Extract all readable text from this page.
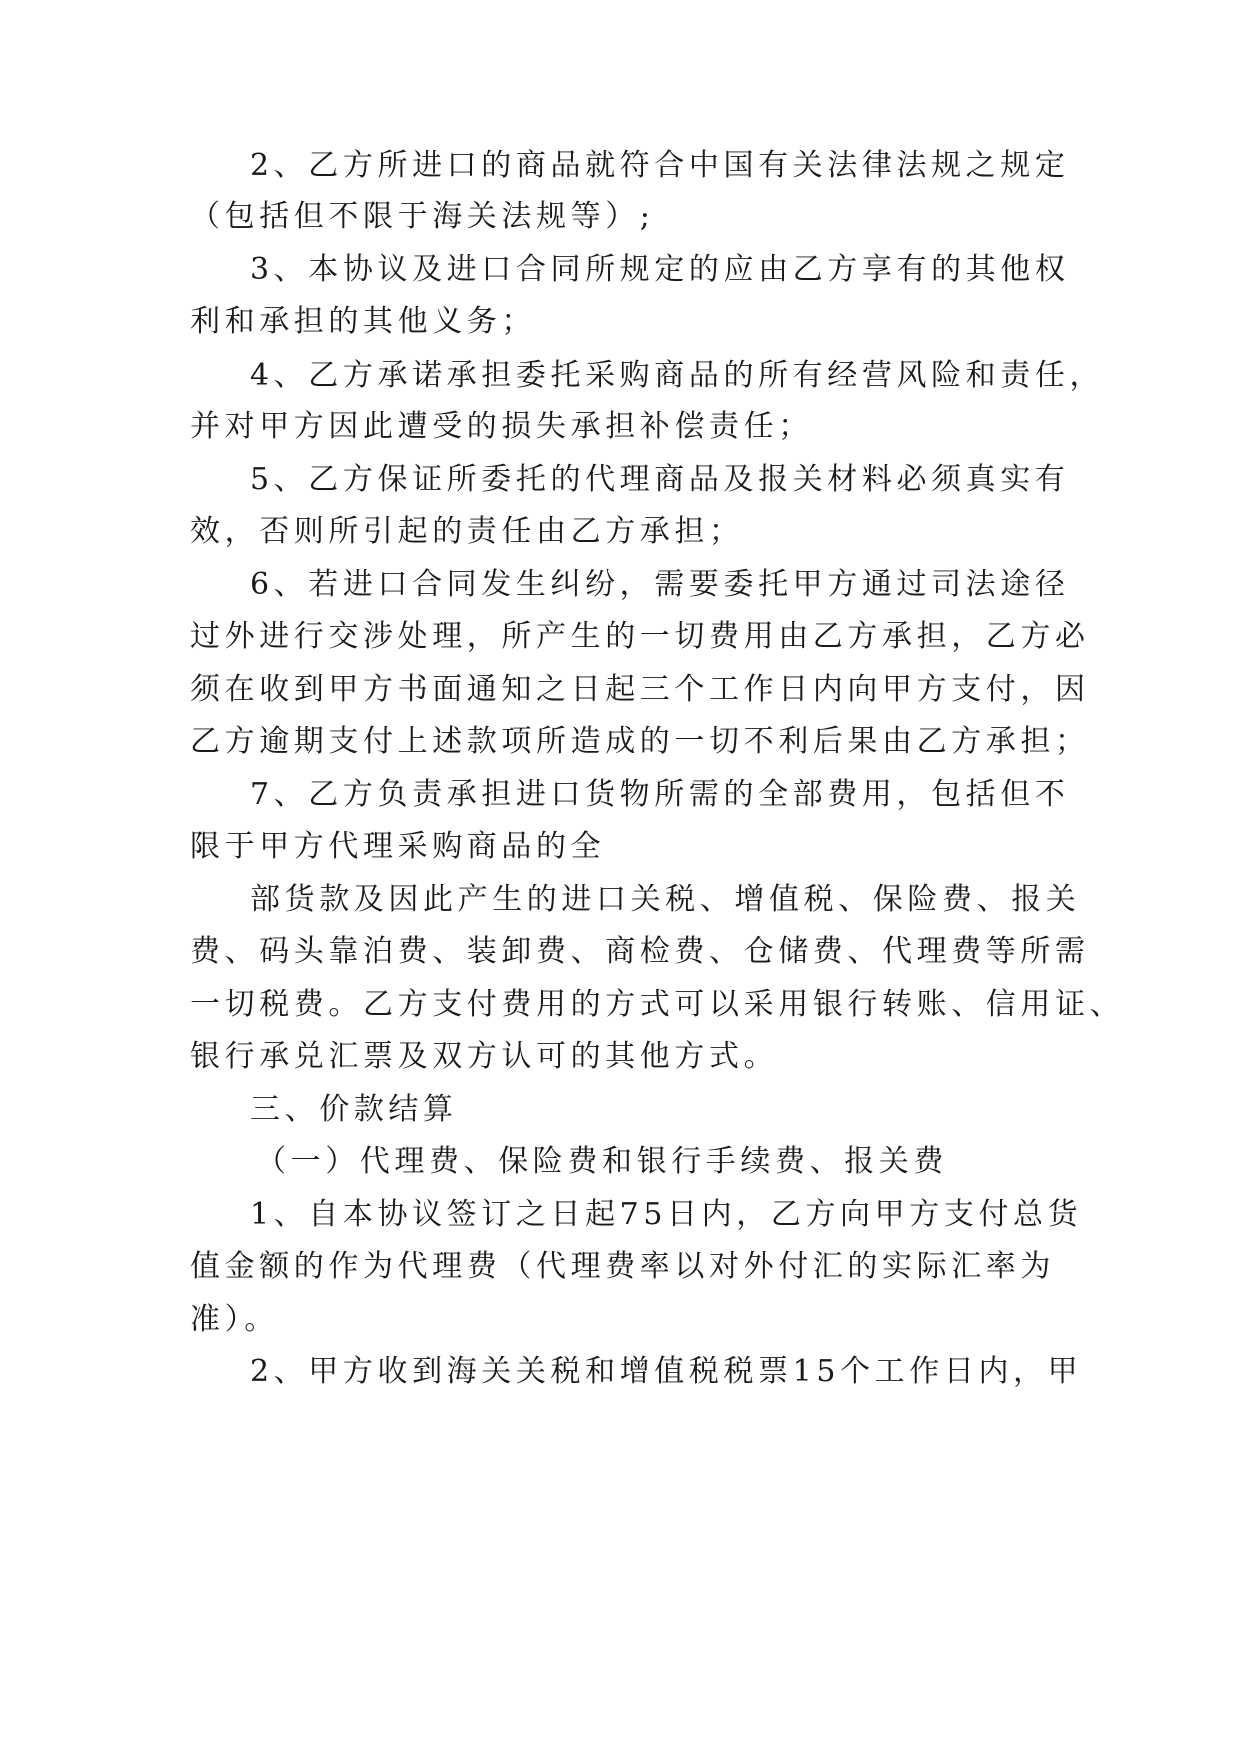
2、乙方所进口的商品就符合中国有关法律法规之规定
（包括但不限于海关法规等）;
3、本协议及进口合同所规定的应由乙方享有的其他权
利和承担的其他义务；
4、乙方承诺承担委托采购商品的所有经营风险和责任，
并对甲方因此遭受的损失承担补偿责任；
5、乙方保证所委托的代理商品及报关材料必须真实有
效，否则所引起的责任由乙方承担；
6、若进口合同发生纠纷，需要委托甲方通过司法途径
过外进行交涉处理，所产生的一切费用由乙方承担，乙方必
须在收到甲方书面通知之日起三个工作日内向甲方支付，因
乙方逾期支付上述款项所造成的一切不利后果由乙方承担；
7、乙方负责承担进口货物所需的全部费用，包括但不
限于甲方代理采购商品的全
部货款及因此产生的进口关税、增值税、保险费、报关
费、码头靠泊费、装卸费、商检费、仓储费、代理费等所需
一切税费。乙方支付费用的方式可以采用银行转账、信用证、
银行承兑汇票及双方认可的其他方式。
三、价款结算
（一）代理费、保险费和银行手续费、报关费
1、自本协议签订之日起75日内，乙方向甲方支付总货
值金额的作为代理费（代理费率以对外付汇的实际汇率为
准）。
2、甲方收到海关关税和增值税税票15个工作日内，甲
